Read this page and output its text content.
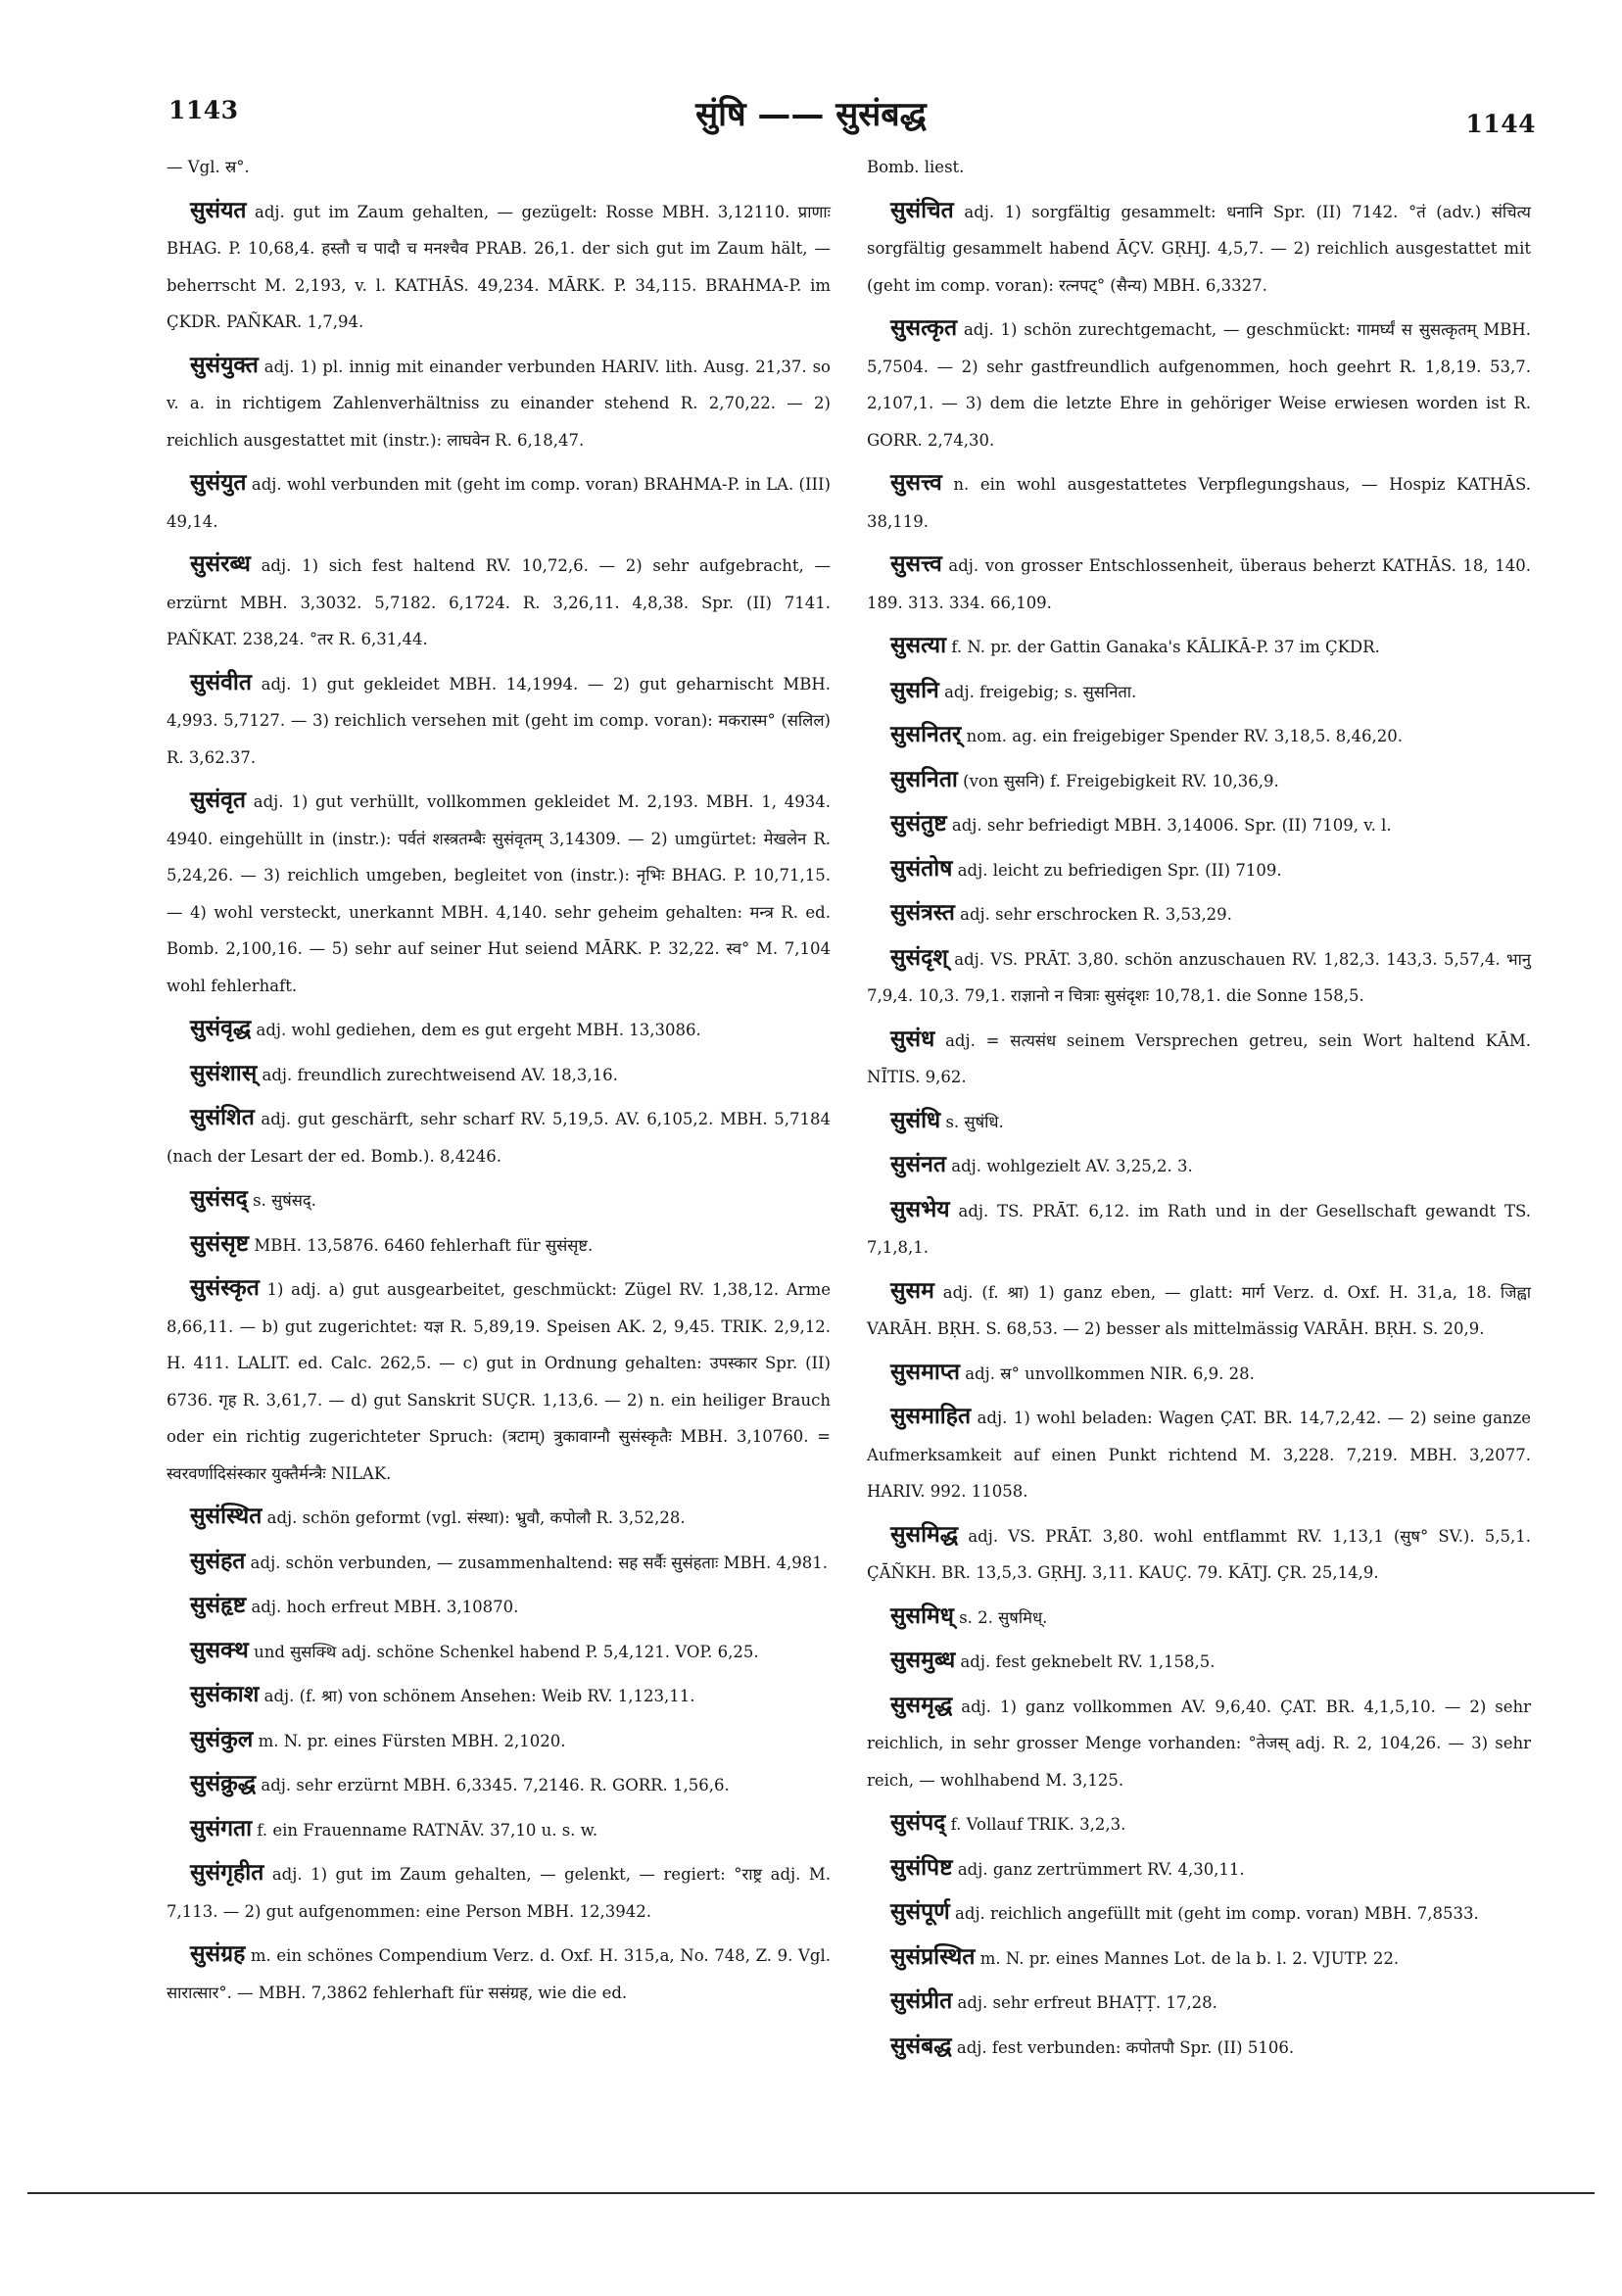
1143	सुंषि —— सुसंबद्ध	1144

— Vgl. स्र°.

सुसंयत adj. gut im Zaum gehalten, — gezügelt: Rosse MBH. 3,12110. प्राणाः BHAG. P. 10,68,4. हस्तौ च पादौ च मनश्चैव PRAB. 26,1. der sich gut im Zaum hält, — beherrscht M. 2,193, v. l. KATHĀS. 49,234. MĀRK. P. 34,115. BRAHMA-P. im ÇKDR. PAÑKAR. 1,7,94.

सुसंयुक्त adj. 1) pl. innig mit einander verbunden HARIV. lith. Ausg. 21,37. so v. a. in richtigem Zahlenverhältniss zu einander stehend R. 2,70,22. — 2) reichlich ausgestattet mit (instr.): लाघवेन R. 6,18,47.

सुसंयुत adj. wohl verbunden mit (geht im comp. voran) BRAHMA-P. in LA. (III) 49,14.

सुसंरब्ध adj. 1) sich fest haltend RV. 10,72,6. — 2) sehr aufgebracht, — erzürnt MBH. 3,3032. 5,7182. 6,1724. R. 3,26,11. 4,8,38. Spr. (II) 7141. PAÑKAT. 238,24. °तर R. 6,31,44.

सुसंवीत adj. 1) gut gekleidet MBH. 14,1994. — 2) gut geharnischt MBH. 4,993. 5,7127. — 3) reichlich versehen mit (geht im comp. voran): मकरास्म° (सलिल) R. 3,62.37.

सुसंवृत adj. 1) gut verhüllt, vollkommen gekleidet M. 2,193. MBH. 1, 4934. 4940. eingehüllt in (instr.): पर्वतं शस्त्रतम्बैः सुसंवृतम् 3,14309. — 2) umgürtet: मेखलेन R. 5,24,26. — 3) reichlich umgeben, begleitet von (instr.): नृभिः BHAG. P. 10,71,15. — 4) wohl versteckt, unerkannt MBH. 4,140. sehr geheim gehalten: मन्त्र R. ed. Bomb. 2,100,16. — 5) sehr auf seiner Hut seiend MĀRK. P. 32,22. स्व° M. 7,104 wohl fehlerhaft.

सुसंवृद्ध adj. wohl gediehen, dem es gut ergeht MBH. 13,3086.

सुसंशास् adj. freundlich zurechtweisend AV. 18,3,16.

सुसंशित adj. gut geschärft, sehr scharf RV. 5,19,5. AV. 6,105,2. MBH. 5,7184 (nach der Lesart der ed. Bomb.). 8,4246.

सुसंसद् s. सुषंसद्.

सुसंसृष्ट MBH. 13,5876. 6460 fehlerhaft für सुसंसृष्ट.

सुसंस्कृत 1) adj. a) gut ausgearbeitet, geschmückt: Zügel RV. 1,38,12. Arme 8,66,11. — b) gut zugerichtet: यज्ञ R. 5,89,19. Speisen AK. 2, 9,45. TRIK. 2,9,12. H. 411. LALIT. ed. Calc. 262,5. — c) gut in Ordnung gehalten: उपस्कार Spr. (II) 6736. गृह R. 3,61,7. — d) gut Sanskrit SUÇR. 1,13,6. — 2) n. ein heiliger Brauch oder ein richtig zugerichteter Spruch: (त्रटाम्) त्रुकावाग्नौ सुसंस्कृतैः MBH. 3,10760. = स्वरवर्णादिसंस्कार युक्तैर्मन्त्रैः NILAK.

सुसंस्थित adj. schön geformt (vgl. संस्था): भ्रुवौ, कपोलौ R. 3,52,28.

सुसंहत adj. schön verbunden, — zusammenhaltend: सह सर्वैः सुसंहताः MBH. 4,981.

सुसंहृष्ट adj. hoch erfreut MBH. 3,10870.

सुसक्थ und सुसक्थि adj. schöne Schenkel habend P. 5,4,121. VOP. 6,25.

सुसंकाश adj. (f. श्रा) von schönem Ansehen: Weib RV. 1,123,11.

सुसंकुल m. N. pr. eines Fürsten MBH. 2,1020.

सुसंक्रुद्ध adj. sehr erzürnt MBH. 6,3345. 7,2146. R. GORR. 1,56,6.

सुसंगता f. ein Frauenname RATNĀV. 37,10 u. s. w.

सुसंगृहीत adj. 1) gut im Zaum gehalten, — gelenkt, — regiert: °राष्ट्र adj. M. 7,113. — 2) gut aufgenommen: eine Person MBH. 12,3942.

सुसंग्रह m. ein schönes Compendium Verz. d. Oxf. H. 315,a, No. 748, Z. 9. Vgl. सारात्सार°. — MBH. 7,3862 fehlerhaft für ससंग्रह, wie die ed.

Bomb. liest.

सुसंचित adj. 1) sorgfältig gesammelt: धनानि Spr. (II) 7142. °तं (adv.) संचित्य sorgfältig gesammelt habend ĀÇV. GṚHJ. 4,5,7. — 2) reichlich ausgestattet mit (geht im comp. voran): रत्नपट्° (सैन्य) MBH. 6,3327.

सुसत्कृत adj. 1) schön zurechtgemacht, — geschmückt: गामर्घ्यं स सुसत्कृतम् MBH. 5,7504. — 2) sehr gastfreundlich aufgenommen, hoch geehrt R. 1,8,19. 53,7. 2,107,1. — 3) dem die letzte Ehre in gehöriger Weise erwiesen worden ist R. GORR. 2,74,30.

सुसत्त्व n. ein wohl ausgestattetes Verpflegungshaus, — Hospiz KATHĀS. 38,119.

सुसत्त्व adj. von grosser Entschlossenheit, überaus beherzt KATHĀS. 18, 140. 189. 313. 334. 66,109.

सुसत्या f. N. pr. der Gattin Ganaka's KĀLIKĀ-P. 37 im ÇKDR.

सुसनि adj. freigebig; s. सुसनिता.

सुसनितर् nom. ag. ein freigebiger Spender RV. 3,18,5. 8,46,20.

सुसनिता (von सुसनि) f. Freigebigkeit RV. 10,36,9.

सुसंतुष्ट adj. sehr befriedigt MBH. 3,14006. Spr. (II) 7109, v. l.

सुसंतोष adj. leicht zu befriedigen Spr. (II) 7109.

सुसंत्रस्त adj. sehr erschrocken R. 3,53,29.

सुसंदृश् adj. VS. PRĀT. 3,80. schön anzuschauen RV. 1,82,3. 143,3. 5,57,4. भानु 7,9,4. 10,3. 79,1. राज्ञानो न चित्राः सुसंदृशः 10,78,1. die Sonne 158,5.

सुसंध adj. = सत्यसंध seinem Versprechen getreu, sein Wort haltend KĀM. NĪTIS. 9,62.

सुसंधि s. सुषंधि.

सुसंनत adj. wohlgezielt AV. 3,25,2. 3.

सुसभेय adj. TS. PRĀT. 6,12. im Rath und in der Gesellschaft gewandt TS. 7,1,8,1.

सुसम adj. (f. श्रा) 1) ganz eben, — glatt: मार्ग Verz. d. Oxf. H. 31,a, 18. जिह्वा VARĀH. BṚH. S. 68,53. — 2) besser als mittelmässig VARĀH. BṚH. S. 20,9.

सुसमाप्त adj. स्र° unvollkommen NIR. 6,9. 28.

सुसमाहित adj. 1) wohl beladen: Wagen ÇAT. BR. 14,7,2,42. — 2) seine ganze Aufmerksamkeit auf einen Punkt richtend M. 3,228. 7,219. MBH. 3,2077. HARIV. 992. 11058.

सुसमिद्ध adj. VS. PRĀT. 3,80. wohl entflammt RV. 1,13,1 (सुष° SV.). 5,5,1. ÇĀÑKH. BR. 13,5,3. GṚHJ. 3,11. KAUÇ. 79. KĀTJ. ÇR. 25,14,9.

सुसमिध् s. 2. सुषमिध्.

सुसमुब्ध adj. fest geknebelt RV. 1,158,5.

सुसमृद्ध adj. 1) ganz vollkommen AV. 9,6,40. ÇAT. BR. 4,1,5,10. — 2) sehr reichlich, in sehr grosser Menge vorhanden: °तेजस् adj. R. 2, 104,26. — 3) sehr reich, — wohlhabend M. 3,125.

सुसंपद् f. Vollauf TRIK. 3,2,3.

सुसंपिष्ट adj. ganz zertrümmert RV. 4,30,11.

सुसंपूर्ण adj. reichlich angefüllt mit (geht im comp. voran) MBH. 7,8533.

सुसंप्रस्थित m. N. pr. eines Mannes Lot. de la b. l. 2. VJUTP. 22.

सुसंप्रीत adj. sehr erfreut BHAṬṬ. 17,28.

सुसंबद्ध adj. fest verbunden: कपोतपौ Spr. (II) 5106.
